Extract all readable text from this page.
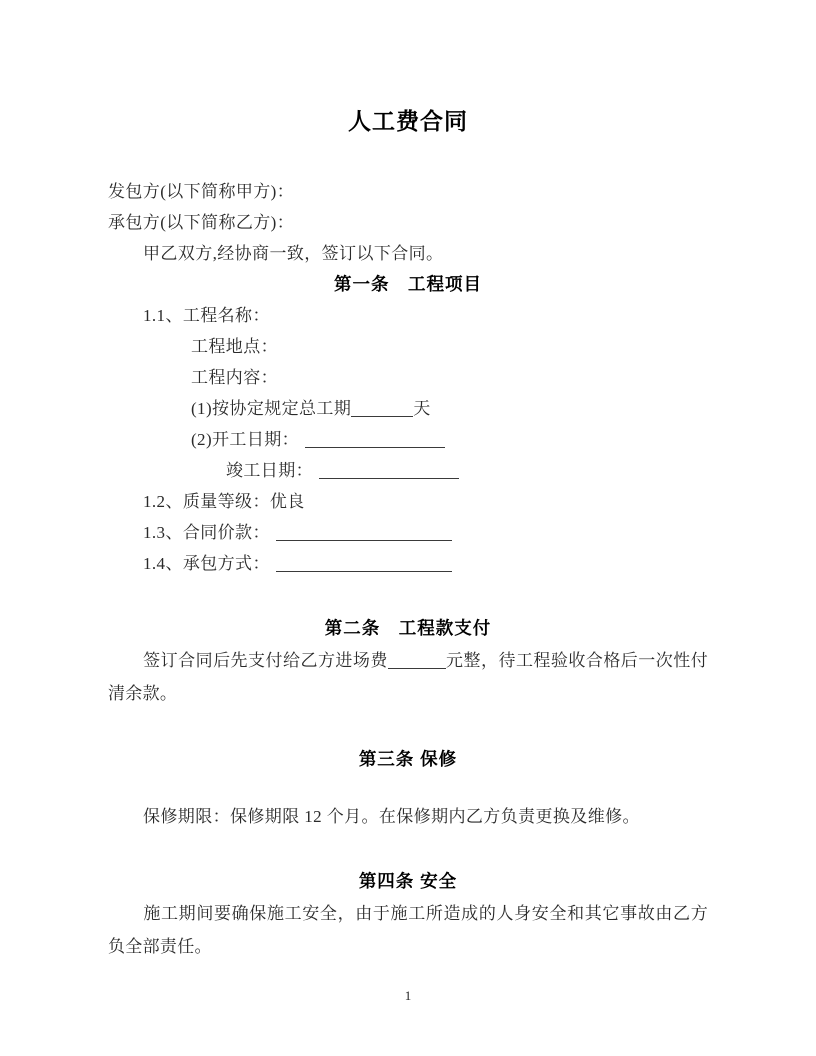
人工费合同
发包方(以下简称甲方)：
承包方(以下简称乙方)：
甲乙双方,经协商一致，签订以下合同。
第一条　工程项目
1.1、工程名称：
工程地点：
工程内容：
(1)按协定规定总工期	天
(2)开工日期：
竣工日期：
1.2、质量等级：优良
1.3、合同价款：
1.4、承包方式：
第二条　工程款支付
签订合同后先支付给乙方进场费	元整，待工程验收合格后一次性付清余款。
第三条 保修
保修期限：保修期限 12 个月。在保修期内乙方负责更换及维修。
第四条 安全
施工期间要确保施工安全，由于施工所造成的人身安全和其它事故由乙方负全部责任。
1
